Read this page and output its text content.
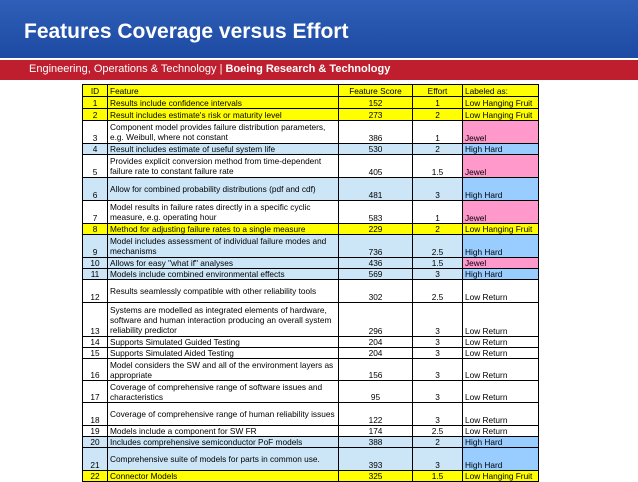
Features Coverage versus Effort
Engineering, Operations & Technology | Boeing Research & Technology
ID	Feature	Feature Score	Effort	Labeled as:
1	Results include confidence intervals	152	1	Low Hanging Fruit
2	Result includes estimate's risk or maturity level	273	2	Low Hanging Fruit
3	Component model provides failure distribution parameters, e.g. Weibull, where not constant	386	1	Jewel
4	Result includes estimate of useful system life	530	2	High Hard
5	Provides explicit conversion method from time-dependent failure rate to constant failure rate	405	1.5	Jewel
6	Allow for combined probability distributions (pdf and cdf)	481	3	High Hard
7	Model results in failure rates directly in a specific cyclic measure, e.g. operating hour	583	1	Jewel
8	Method for adjusting failure rates to a single measure	229	2	Low Hanging Fruit
9	Model includes assessment of individual failure modes and mechanisms	736	2.5	High Hard
10	Allows for easy "what if" analyses	436	1.5	Jewel
11	Models include combined environmental effects	569	3	High Hard
12	Results seamlessly compatible with other reliability tools	302	2.5	Low Return
13	Systems are modelled as integrated elements of hardware, software and human interaction producing an overall system reliability predictor	296	3	Low Return
14	Supports Simulated Guided Testing	204	3	Low Return
15	Supports Simulated Aided Testing	204	3	Low Return
16	Model considers the SW and all of the environment layers as appropriate	156	3	Low Return
17	Coverage of comprehensive range of software issues and characteristics	95	3	Low Return
18	Coverage of comprehensive range of human reliability issues	122	3	Low Return
19	Models include a component for SW FR	174	2.5	Low Return
20	Includes comprehensive semiconductor PoF models	388	2	High Hard
21	Comprehensive suite of models for parts in common use.	393	3	High Hard
22	Connector Models	325	1.5	Low Hanging Fruit
